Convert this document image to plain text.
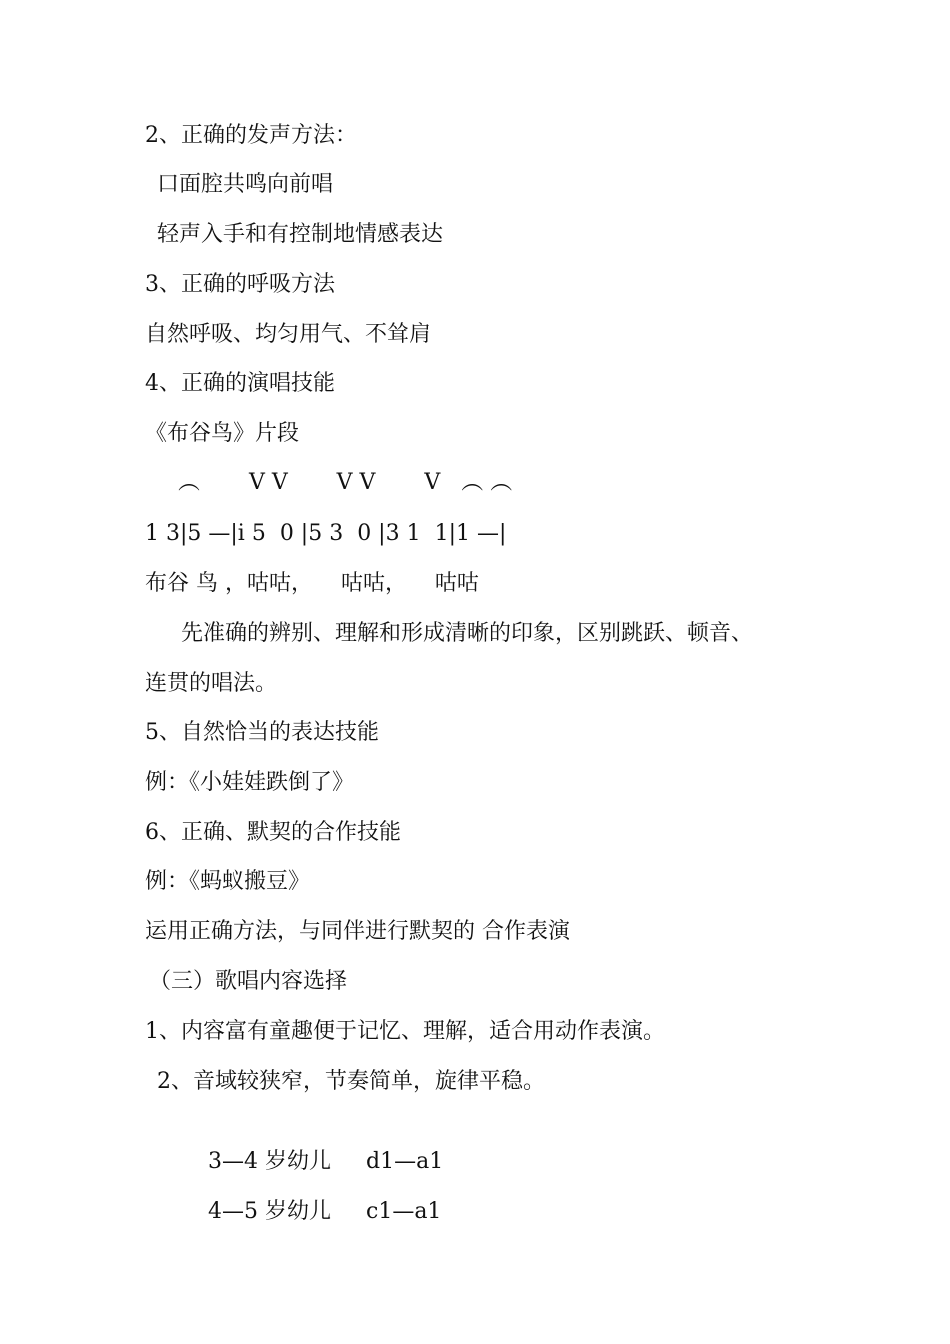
2、正确的发声方法：
口面腔共鸣向前唱
轻声入手和有控制地情感表达
3、正确的呼吸方法
自然呼吸、均匀用气、不耸肩
4、正确的演唱技能
《布谷鸟》片段
︵       V V       V V       V   ︵ ︵
1 3|5 —|i 5  0 |5 3  0 |3 1  1|1 —|
布谷 鸟 ，咕咕，    咕咕，    咕咕
先准确的辨别、理解和形成清晰的印象，区别跳跃、顿音、
连贯的唱法。
5、自然恰当的表达技能
例：《小娃娃跌倒了》
6、正确、默契的合作技能
例：《蚂蚁搬豆》
运用正确方法，与同伴进行默契的 合作表演
（三）歌唱内容选择
1、内容富有童趣便于记忆、理解，适合用动作表演。
2、音域较狭窄，节奏简单，旋律平稳。

3—4 岁幼儿 d1—a1

4—5 岁幼儿 c1—a1
